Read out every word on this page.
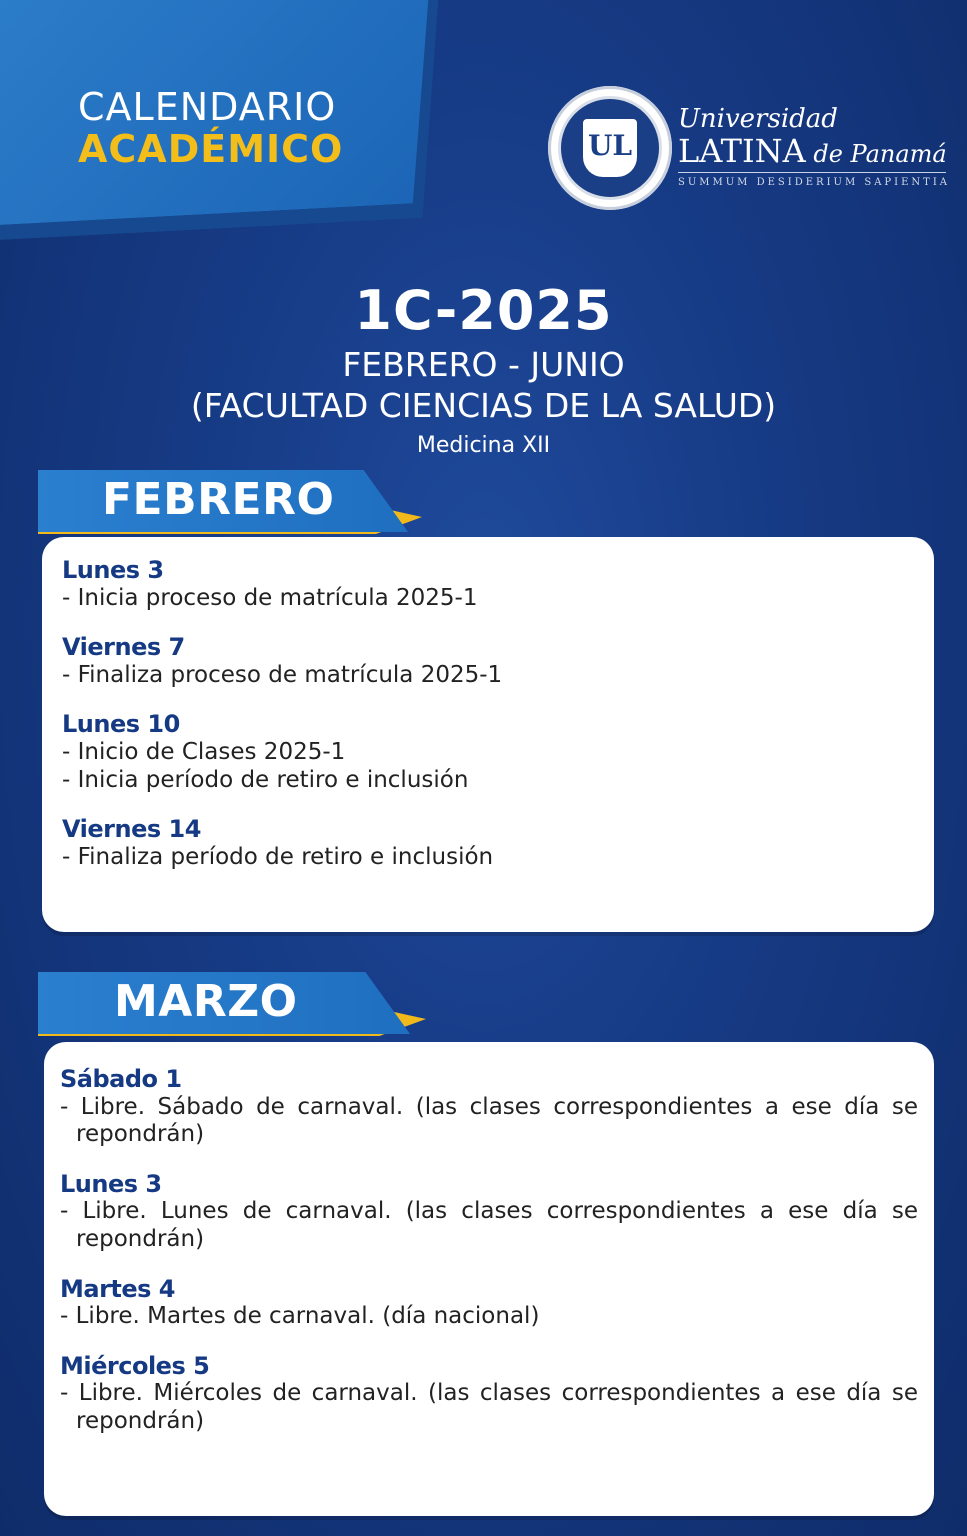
CALENDARIO
ACADÉMICO	UL
Universidad
LATINA de Panamá
SUMMUM DESIDERIUM SAPIENTIA
1C-2025
FEBRERO - JUNIO
(FACULTAD CIENCIAS DE LA SALUD)
Medicina XII
FEBRERO
Lunes 3
- Inicia proceso de matrícula 2025-1
Viernes 7
- Finaliza proceso de matrícula 2025-1
Lunes 10
- Inicio de Clases 2025-1
- Inicia período de retiro e inclusión
Viernes 14
- Finaliza período de retiro e inclusión
MARZO
Sábado 1
- Libre. Sábado de carnaval. (las clases correspondientes a ese día se repondrán)
Lunes 3
- Libre. Lunes de carnaval. (las clases correspondientes a ese día se repondrán)
Martes 4
- Libre. Martes de carnaval. (día nacional)
Miércoles 5
- Libre. Miércoles de carnaval. (las clases correspondientes a ese día se repondrán)
